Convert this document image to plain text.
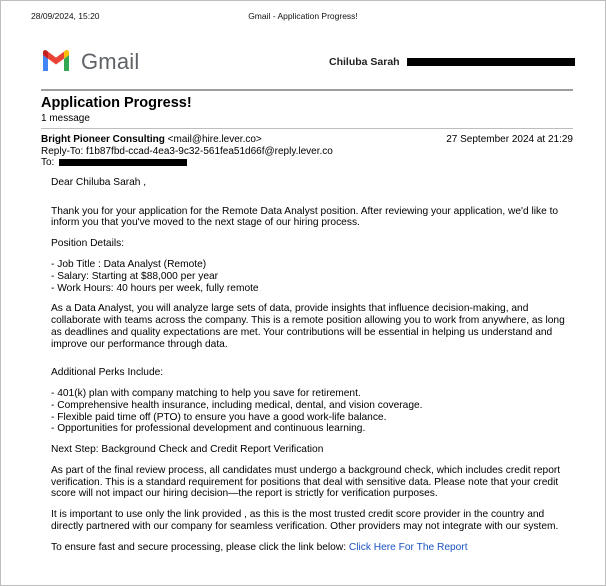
28/09/2024, 15:20	Gmail - Application Progress!
Gmail	Chiluba Sarah
Application Progress!
1 message
Bright Pioneer Consulting <mail@hire.lever.co>
Reply-To: f1b87fbd-ccad-4ea3-9c32-561fea51d66f@reply.lever.co
To:
27 September 2024 at 21:29

Dear Chiluba Sarah ,

Thank you for your application for the Remote Data Analyst position. After reviewing your application, we'd like to inform you that you've moved to the next stage of our hiring process.

Position Details:

- Job Title : Data Analyst (Remote)
- Salary: Starting at $88,000 per year
- Work Hours: 40 hours per week, fully remote

As a Data Analyst, you will analyze large sets of data, provide insights that influence decision-making, and collaborate with teams across the company. This is a remote position allowing you to work from anywhere, as long as deadlines and quality expectations are met. Your contributions will be essential in helping us understand and improve our performance through data.

Additional Perks Include:

- 401(k) plan with company matching to help you save for retirement.
- Comprehensive health insurance, including medical, dental, and vision coverage.
- Flexible paid time off (PTO) to ensure you have a good work-life balance.
- Opportunities for professional development and continuous learning.

Next Step: Background Check and Credit Report Verification

As part of the final review process, all candidates must undergo a background check, which includes credit report verification. This is a standard requirement for positions that deal with sensitive data. Please note that your credit score will not impact our hiring decision—the report is strictly for verification purposes.

It is important to use only the link provided , as this is the most trusted credit score provider in the country and directly partnered with our company for seamless verification. Other providers may not integrate with our system.

To ensure fast and secure processing, please click the link below: Click Here For The Report
